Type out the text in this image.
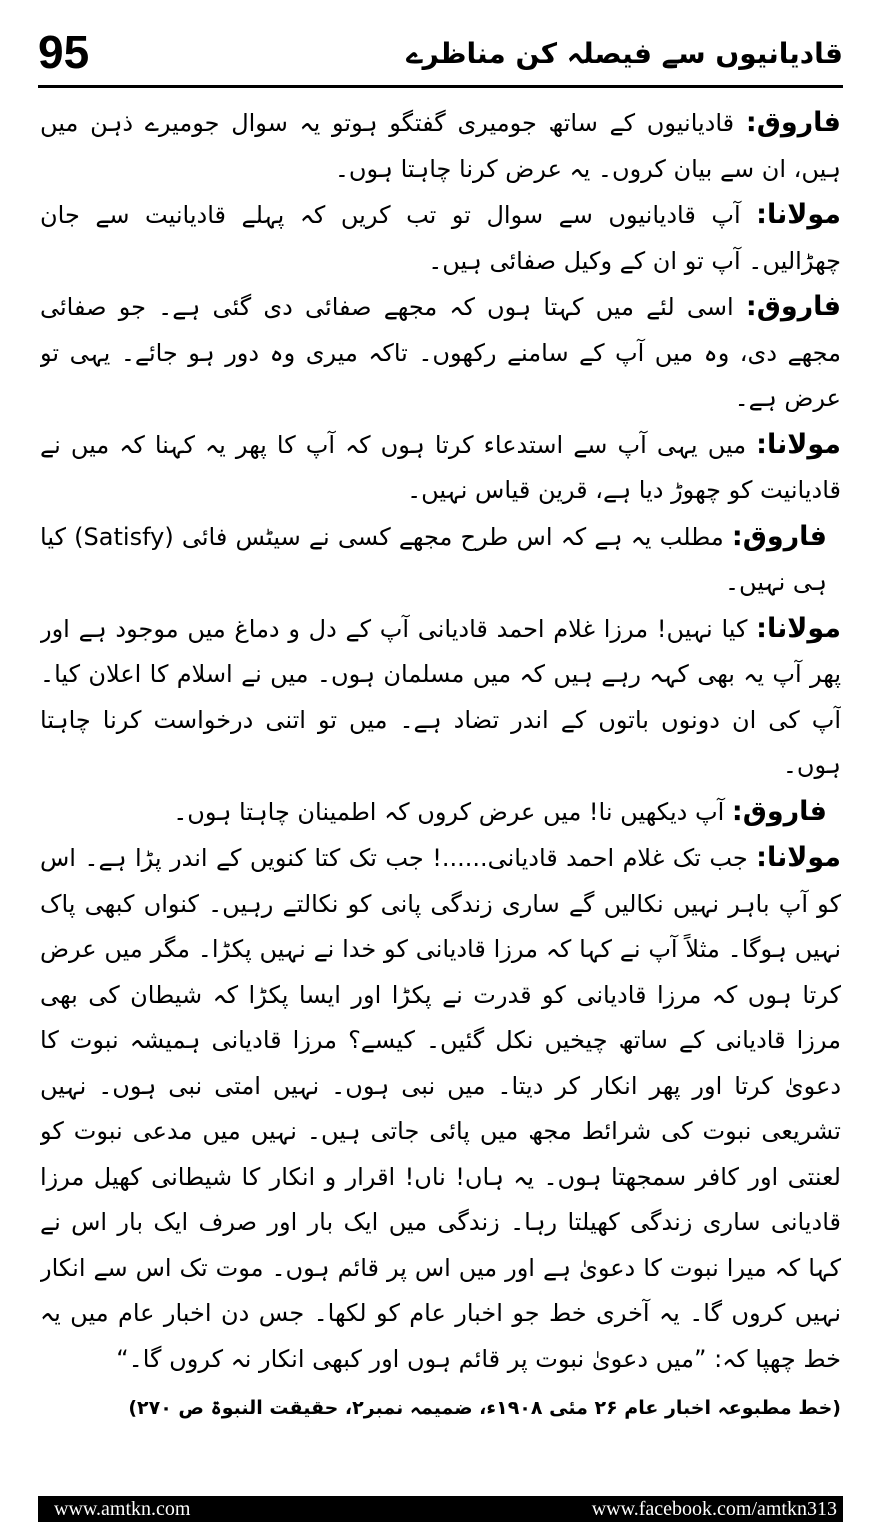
95	قادیانیوں سے فیصلہ کن مناظرے

فاروق: قادیانیوں کے ساتھ جومیری گفتگو ہوتو یہ سوال جومیرے ذہن میں ہیں، ان سے بیان کروں۔ یہ عرض کرنا چاہتا ہوں۔

مولانا: آپ قادیانیوں سے سوال تو تب کریں کہ پہلے قادیانیت سے جان چھڑالیں۔ آپ تو ان کے وکیل صفائی ہیں۔

فاروق: اسی لئے میں کہتا ہوں کہ مجھے صفائی دی گئی ہے۔ جو صفائی مجھے دی، وہ میں آپ کے سامنے رکھوں۔ تاکہ میری وہ دور ہو جائے۔ یہی تو عرض ہے۔

مولانا: میں یہی آپ سے استدعاء کرتا ہوں کہ آپ کا پھر یہ کہنا کہ میں نے قادیانیت کو چھوڑ دیا ہے، قرین قیاس نہیں۔

فاروق: مطلب یہ ہے کہ اس طرح مجھے کسی نے سیٹس فائی (Satisfy) کیا ہی نہیں۔

مولانا: کیا نہیں! مرزا غلام احمد قادیانی آپ کے دل و دماغ میں موجود ہے اور پھر آپ یہ بھی کہہ رہے ہیں کہ میں مسلمان ہوں۔ میں نے اسلام کا اعلان کیا۔ آپ کی ان دونوں باتوں کے اندر تضاد ہے۔ میں تو اتنی درخواست کرنا چاہتا ہوں۔

فاروق: آپ دیکھیں نا! میں عرض کروں کہ اطمینان چاہتا ہوں۔

مولانا: جب تک غلام احمد قادیانی......! جب تک کتا کنویں کے اندر پڑا ہے۔ اس کو آپ باہر نہیں نکالیں گے ساری زندگی پانی کو نکالتے رہیں۔ کنواں کبھی پاک نہیں ہوگا۔ مثلاً آپ نے کہا کہ مرزا قادیانی کو خدا نے نہیں پکڑا۔ مگر میں عرض کرتا ہوں کہ مرزا قادیانی کو قدرت نے پکڑا اور ایسا پکڑا کہ شیطان کی بھی مرزا قادیانی کے ساتھ چیخیں نکل گئیں۔ کیسے؟ مرزا قادیانی ہمیشہ نبوت کا دعویٰ کرتا اور پھر انکار کر دیتا۔ میں نبی ہوں۔ نہیں امتی نبی ہوں۔ نہیں تشریعی نبوت کی شرائط مجھ میں پائی جاتی ہیں۔ نہیں میں مدعی نبوت کو لعنتی اور کافر سمجھتا ہوں۔ یہ ہاں! ناں! اقرار و انکار کا شیطانی کھیل مرزا قادیانی ساری زندگی کھیلتا رہا۔ زندگی میں ایک بار اور صرف ایک بار اس نے کہا کہ میرا نبوت کا دعویٰ ہے اور میں اس پر قائم ہوں۔ موت تک اس سے انکار نہیں کروں گا۔ یہ آخری خط جو اخبار عام کو لکھا۔ جس دن اخبار عام میں یہ خط چھپا کہ: ”میں دعویٰ نبوت پر قائم ہوں اور کبھی انکار نہ کروں گا۔“

(خط مطبوعہ اخبار عام ۲۶ مئی ۱۹۰۸ء، ضمیمہ نمبر۲، حقیقت النبوۃ ص ۲۷۰)

www.amtkn.com	www.facebook.com/amtkn313
